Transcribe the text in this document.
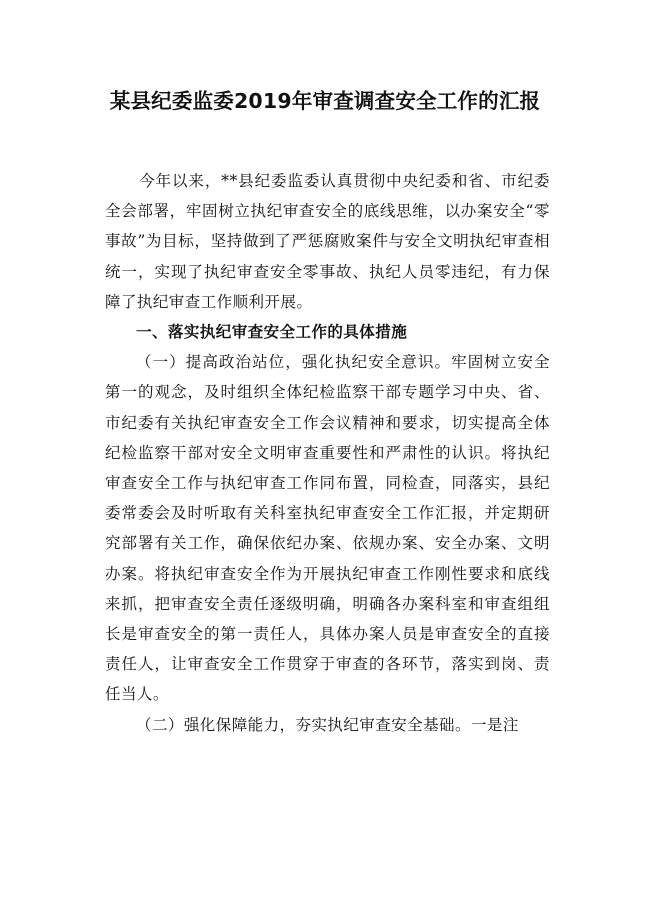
某县纪委监委2019年审查调查安全工作的汇报

今年以来，**县纪委监委认真贯彻中央纪委和省、市纪委全会部署，牢固树立执纪审查安全的底线思维，以办案安全“零事故”为目标，坚持做到了严惩腐败案件与安全文明执纪审查相统一，实现了执纪审查安全零事故、执纪人员零违纪，有力保障了执纪审查工作顺利开展。

一、落实执纪审查安全工作的具体措施

（一）提高政治站位，强化执纪安全意识。牢固树立安全第一的观念，及时组织全体纪检监察干部专题学习中央、省、市纪委有关执纪审查安全工作会议精神和要求，切实提高全体纪检监察干部对安全文明审查重要性和严肃性的认识。将执纪审查安全工作与执纪审查工作同布置，同检查，同落实，县纪委常委会及时听取有关科室执纪审查安全工作汇报，并定期研究部署有关工作，确保依纪办案、依规办案、安全办案、文明办案。将执纪审查安全作为开展执纪审查工作刚性要求和底线来抓，把审查安全责任逐级明确，明确各办案科室和审查组组长是审查安全的第一责任人，具体办案人员是审查安全的直接责任人，让审查安全工作贯穿于审查的各环节，落实到岗、责任当人。

（二）强化保障能力，夯实执纪审查安全基础。一是注
